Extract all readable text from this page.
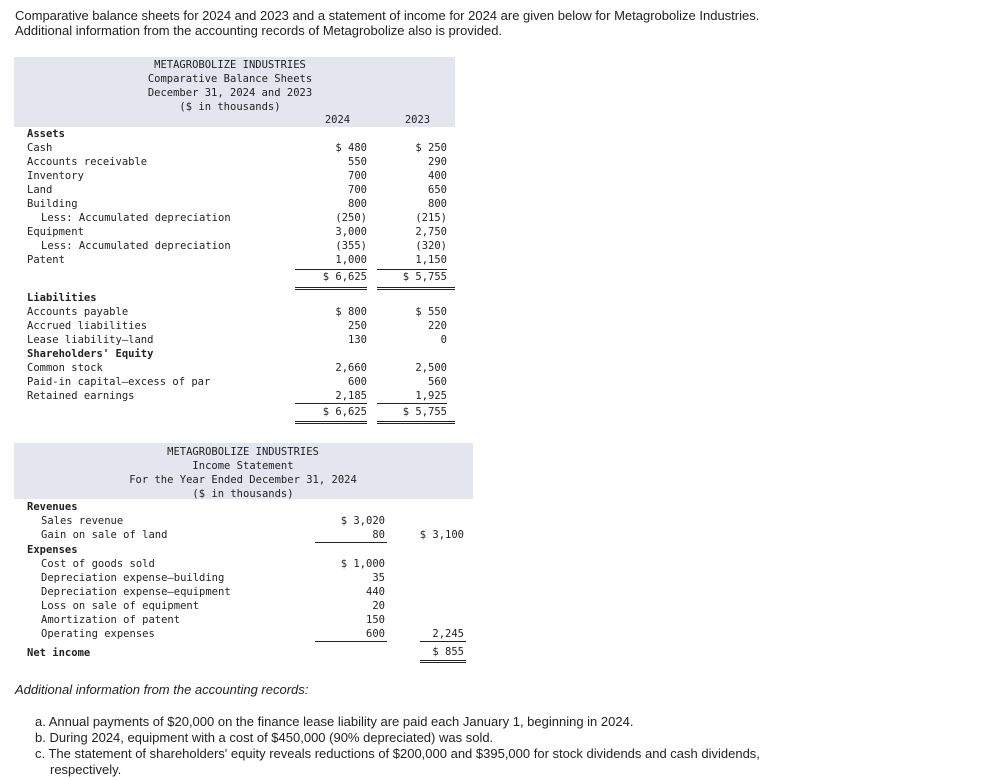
Comparative balance sheets for 2024 and 2023 and a statement of income for 2024 are given below for Metagrobolize Industries.
Additional information from the accounting records of Metagrobolize also is provided.
METAGROBOLIZE INDUSTRIES
Comparative Balance Sheets
December 31, 2024 and 2023
($ in thousands)
2024	2023
Assets
Cash	$ 480	$ 250
Accounts receivable	550	290
Inventory	700	400
Land	700	650
Building	800	800
Less: Accumulated depreciation	(250)	(215)
Equipment	3,000	2,750
Less: Accumulated depreciation	(355)	(320)
Patent	1,000	1,150
$ 6,625	$ 5,755
Liabilities
Accounts payable	$ 800	$ 550
Accrued liabilities	250	220
Lease liability—land	130	0
Shareholders' Equity
Common stock	2,660	2,500
Paid-in capital—excess of par	600	560
Retained earnings	2,185	1,925
$ 6,625	$ 5,755
METAGROBOLIZE INDUSTRIES
Income Statement
For the Year Ended December 31, 2024
($ in thousands)
Revenues
Sales revenue	$ 3,020
Gain on sale of land	80	$ 3,100
Expenses
Cost of goods sold	$ 1,000
Depreciation expense—building	35
Depreciation expense—equipment	440
Loss on sale of equipment	20
Amortization of patent	150
Operating expenses	600	2,245
Net income	$ 855
Additional information from the accounting records:
a. Annual payments of $20,000 on the finance lease liability are paid each January 1, beginning in 2024.
b. During 2024, equipment with a cost of $450,000 (90% depreciated) was sold.
c. The statement of shareholders' equity reveals reductions of $200,000 and $395,000 for stock dividends and cash dividends,
respectively.
